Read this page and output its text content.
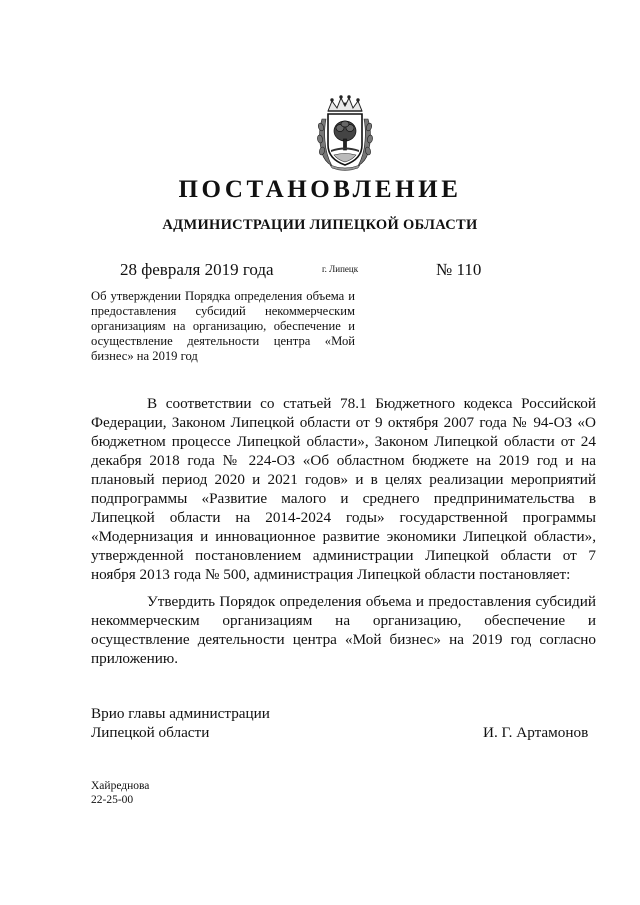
ПОСТАНОВЛЕНИЕ
АДМИНИСТРАЦИИ ЛИПЕЦКОЙ ОБЛАСТИ
28 февраля 2019 года	г. Липецк	№ 110

Об утверждении Порядка определения объема и предоставления субсидий некоммерческим организациям на организацию, обеспечение и осуществление деятельности центра «Мой бизнес» на 2019 год

В соответствии со статьей 78.1 Бюджетного кодекса Российской Федерации, Законом Липецкой области от 9 октября 2007 года № 94-ОЗ «О бюджетном процессе Липецкой области», Законом Липецкой области от 24 декабря 2018 года № 224-ОЗ «Об областном бюджете на 2019 год и на плановый период 2020 и 2021 годов» и в целях реализации мероприятий подпрограммы «Развитие малого и среднего предпринимательства в Липецкой области на 2014-2024 годы» государственной программы «Модернизация и инновационное развитие экономики Липецкой области», утвержденной постановлением администрации Липецкой области от 7 ноября 2013 года № 500, администрация Липецкой области постановляет:

Утвердить Порядок определения объема и предоставления субсидий некоммерческим организациям на организацию, обеспечение и осуществление деятельности центра «Мой бизнес» на 2019 год согласно приложению.

Врио главы администрации
Липецкой области	И. Г. Артамонов
Хайреднова
22-25-00
